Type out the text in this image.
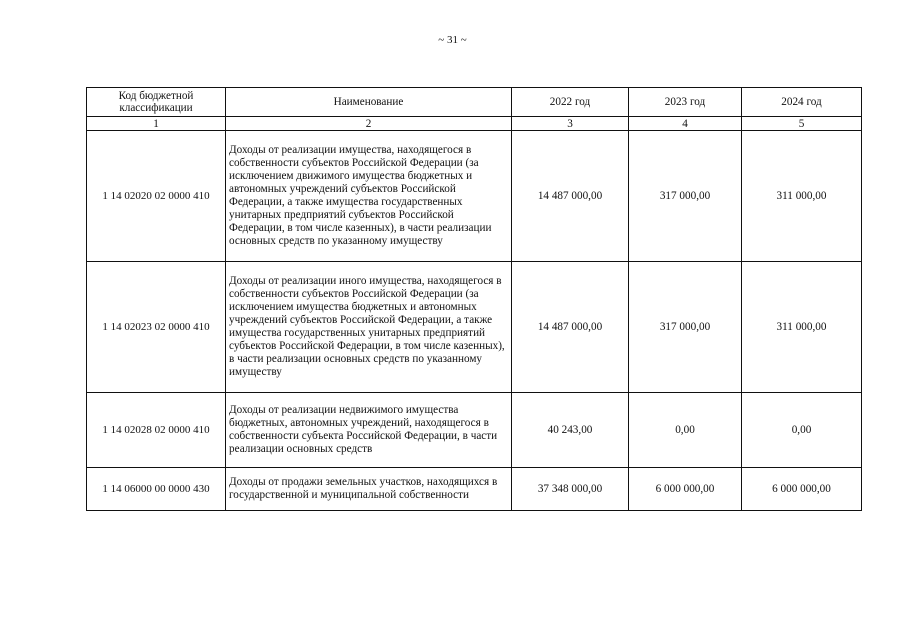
~ 31 ~
Код бюджетной классификации	Наименование	2022 год	2023 год	2024 год
1	2	3	4	5
1 14 02020 02 0000 410	Доходы от реализации имущества, находящегося в собственности субъектов Российской Федерации (за исключением движимого имущества бюджетных и автономных учреждений субъектов Российской Федерации, а также имущества государственных унитарных предприятий субъектов Российской Федерации, в том числе казенных), в части реализации основных средств по указанному имуществу	14 487 000,00	317 000,00	311 000,00
1 14 02023 02 0000 410	Доходы от реализации иного имущества, находящегося в собственности субъектов Российской Федерации (за исключением имущества бюджетных и автономных учреждений субъектов Российской Федерации, а также имущества государственных унитарных предприятий субъектов Российской Федерации, в том числе казенных), в части реализации основных средств по указанному имуществу	14 487 000,00	317 000,00	311 000,00
1 14 02028 02 0000 410	Доходы от реализации недвижимого имущества бюджетных, автономных учреждений, находящегося в собственности субъекта Российской Федерации, в части реализации основных средств	40 243,00	0,00	0,00
1 14 06000 00 0000 430	Доходы от продажи земельных участков, находящихся в государственной и муниципальной собственности	37 348 000,00	6 000 000,00	6 000 000,00
